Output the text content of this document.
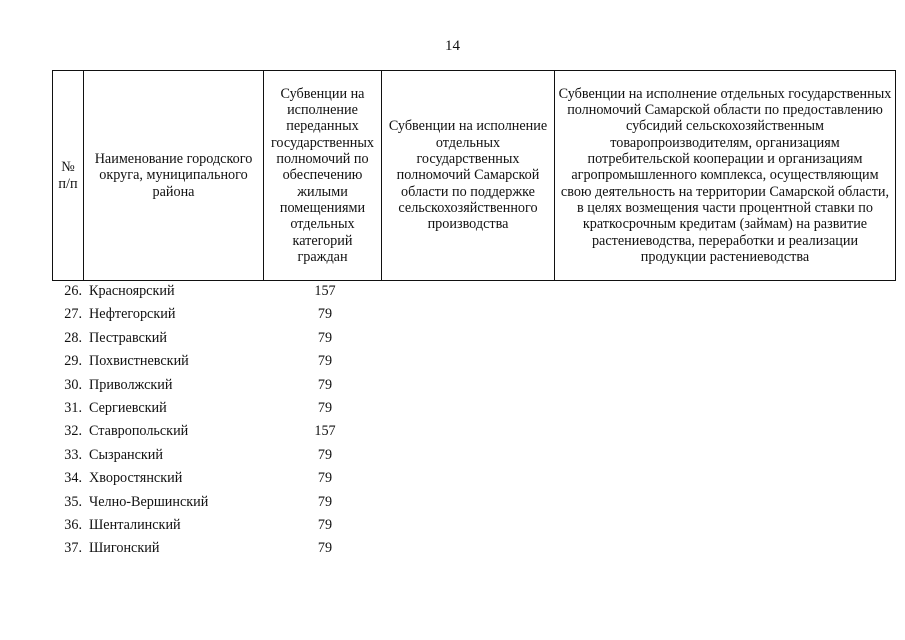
14
№ п/п	Наименование городского округа, муниципального района	Субвенции на исполнение переданных государственных полномочий по обеспечению жилыми помещениями отдельных категорий граждан	Субвенции на исполнение отдельных государственных полномочий Самарской области по поддержке сельскохозяйственного производства	Субвенции на исполнение отдельных государственных полномочий Самарской области по предоставлению субсидий сельскохозяйственным товаропроизводителям, организациям потребительской кооперации и организациям агропромышленного комплекса, осуществляющим свою деятельность на территории Самарской области, в целях возмещения части процентной ставки по краткосрочным кредитам (займам) на развитие растениеводства, переработки и реализации продукции растениеводства
26. Красноярский	157
27. Нефтегорский	79
28. Пестравский	79
29. Похвистневский	79
30. Приволжский	79
31. Сергиевский	79
32. Ставропольский	157
33. Сызранский	79
34. Хворостянский	79
35. Челно-Вершинский	79
36. Шенталинский	79
37. Шигонский	79
